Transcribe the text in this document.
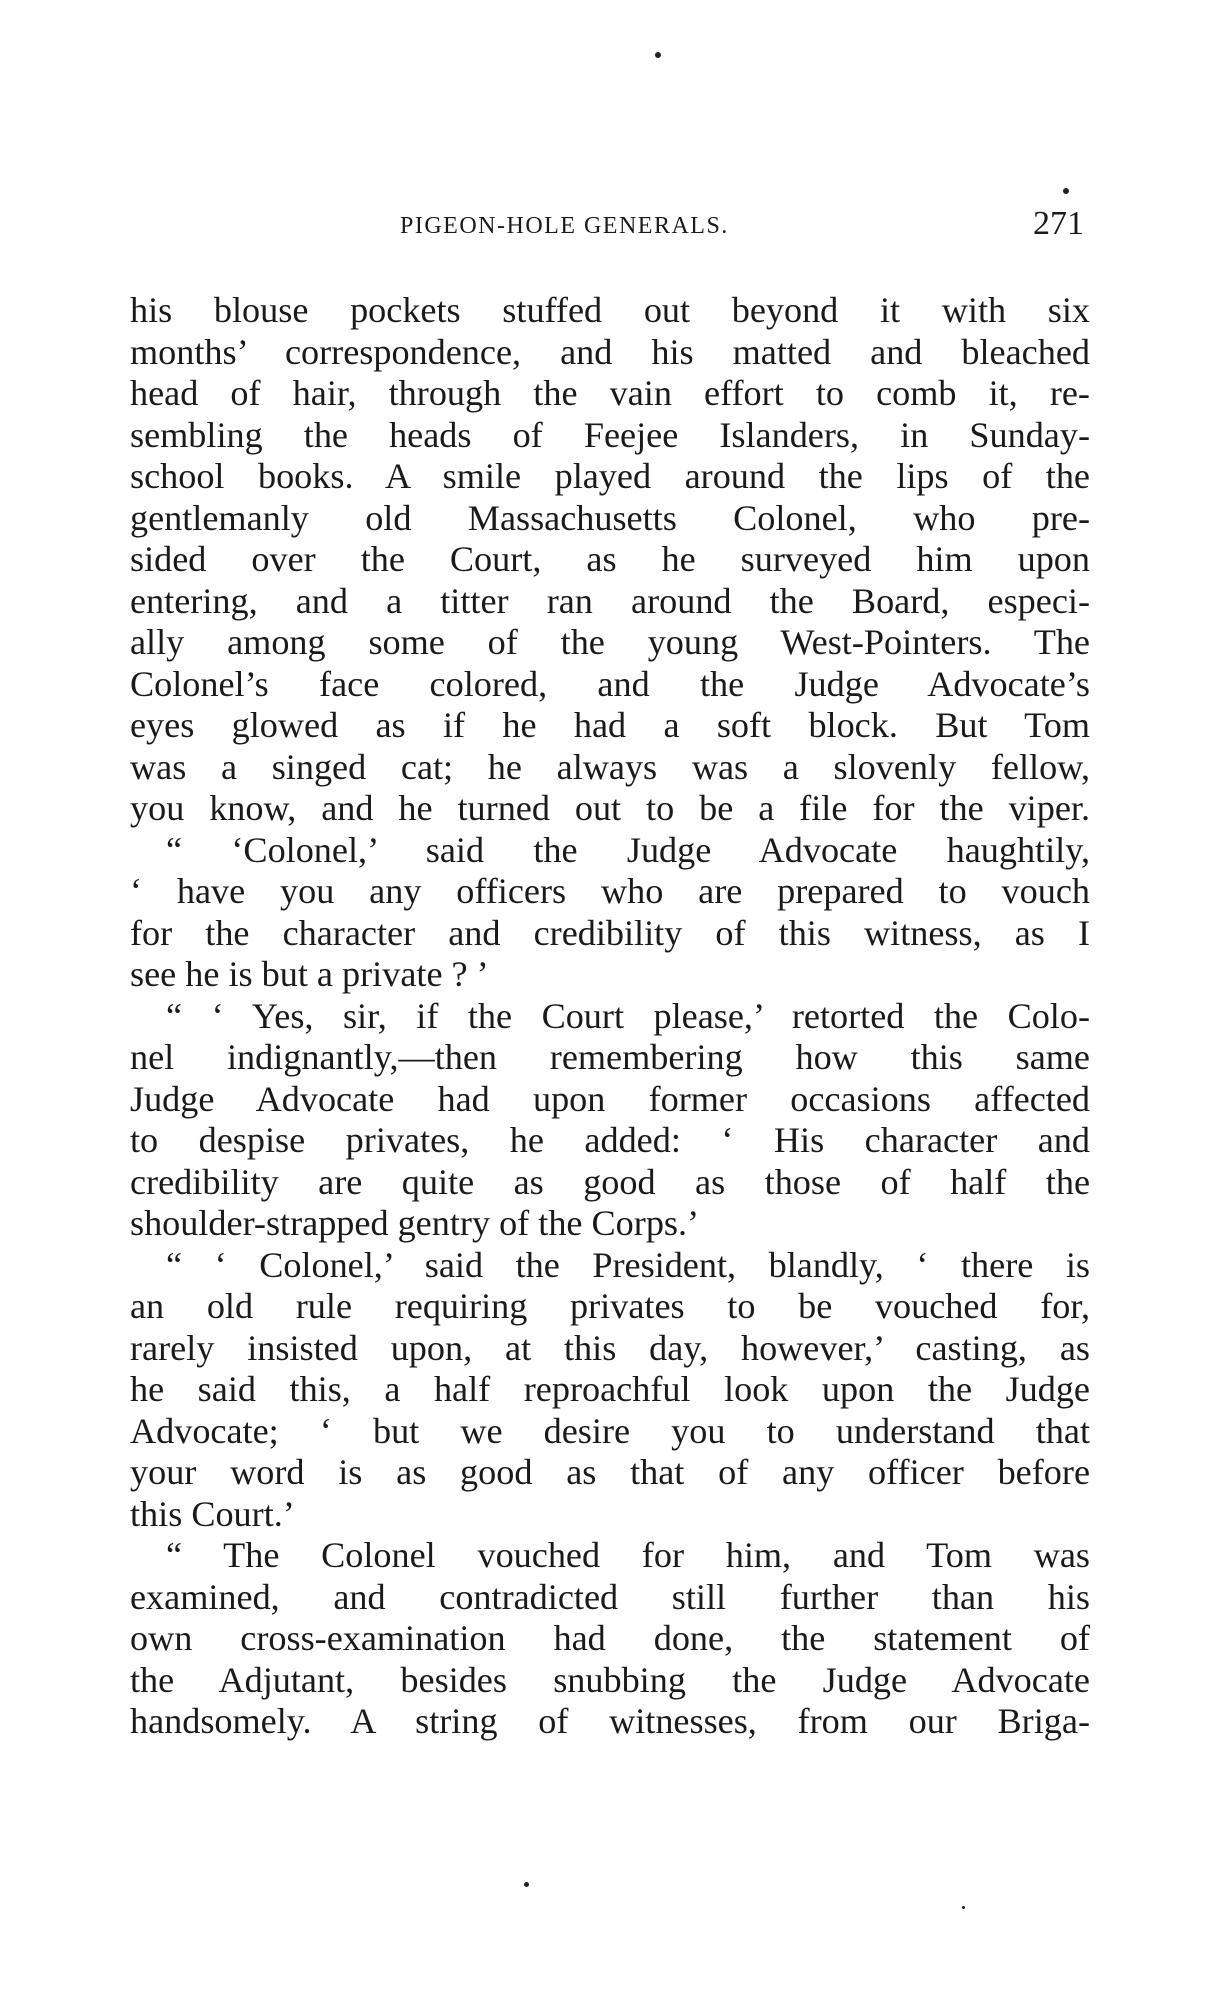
PIGEON-HOLE GENERALS.	271
his blouse pockets stuffed out beyond it with six
months’ correspondence, and his matted and bleached
head of hair, through the vain effort to comb it, re-
sembling the heads of Feejee Islanders, in Sunday-
school books. A smile played around the lips of the
gentlemanly old Massachusetts Colonel, who pre-
sided over the Court, as he surveyed him upon
entering, and a titter ran around the Board, especi-
ally among some of the young West-Pointers. The
Colonel’s face colored, and the Judge Advocate’s
eyes glowed as if he had a soft block. But Tom
was a singed cat; he always was a slovenly fellow,
you know, and he turned out to be a file for the viper.
“ ‘Colonel,’ said the Judge Advocate haughtily,
‘ have you any officers who are prepared to vouch
for the character and credibility of this witness, as I
see he is but a private ? ’
“ ‘ Yes, sir, if the Court please,’ retorted the Colo-
nel indignantly,—then remembering how this same
Judge Advocate had upon former occasions affected
to despise privates, he added: ‘ His character and
credibility are quite as good as those of half the
shoulder-strapped gentry of the Corps.’
“ ‘ Colonel,’ said the President, blandly, ‘ there is
an old rule requiring privates to be vouched for,
rarely insisted upon, at this day, however,’ casting, as
he said this, a half reproachful look upon the Judge
Advocate; ‘ but we desire you to understand that
your word is as good as that of any officer before
this Court.’
“ The Colonel vouched for him, and Tom was
examined, and contradicted still further than his
own cross-examination had done, the statement of
the Adjutant, besides snubbing the Judge Advocate
handsomely. A string of witnesses, from our Briga-
